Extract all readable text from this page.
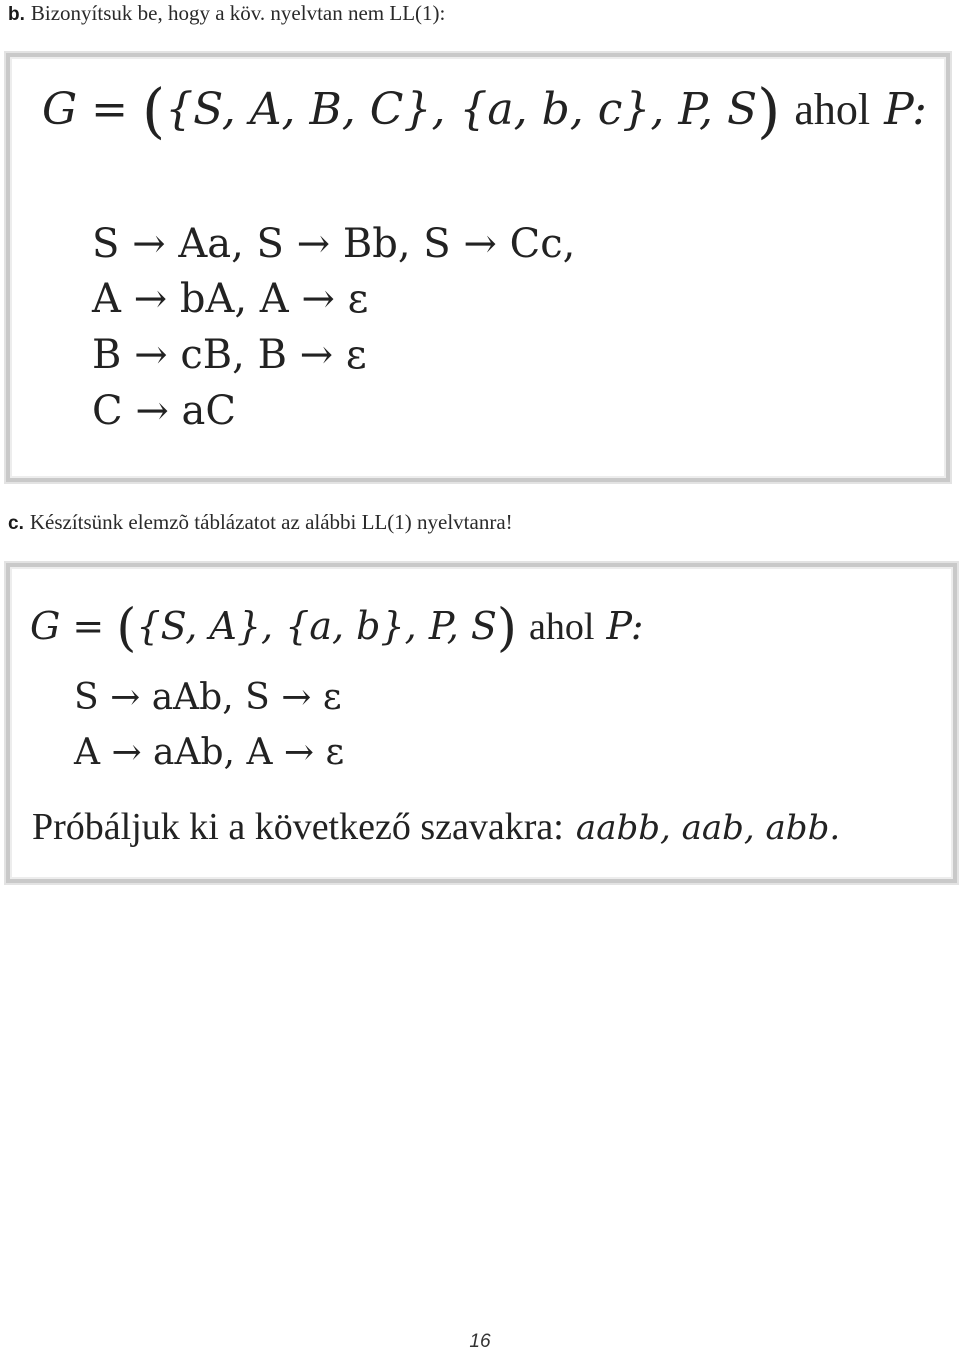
b. Bizonyítsuk be, hogy a köv. nyelvtan nem LL(1):
G = ({S, A, B, C}, {a, b, c}, P, S) ahol P:
S → Aa, S → Bb, S → Cc,
A → bA, A → ε
B → cB, B → ε
C → aC
c. Készítsünk elemzõ táblázatot az alábbi LL(1) nyelvtanra!
G = ({S, A}, {a, b}, P, S) ahol P:
S → aAb, S → ε
A → aAb, A → ε
Próbáljuk ki a következő szavakra: aabb, aab, abb.
16
